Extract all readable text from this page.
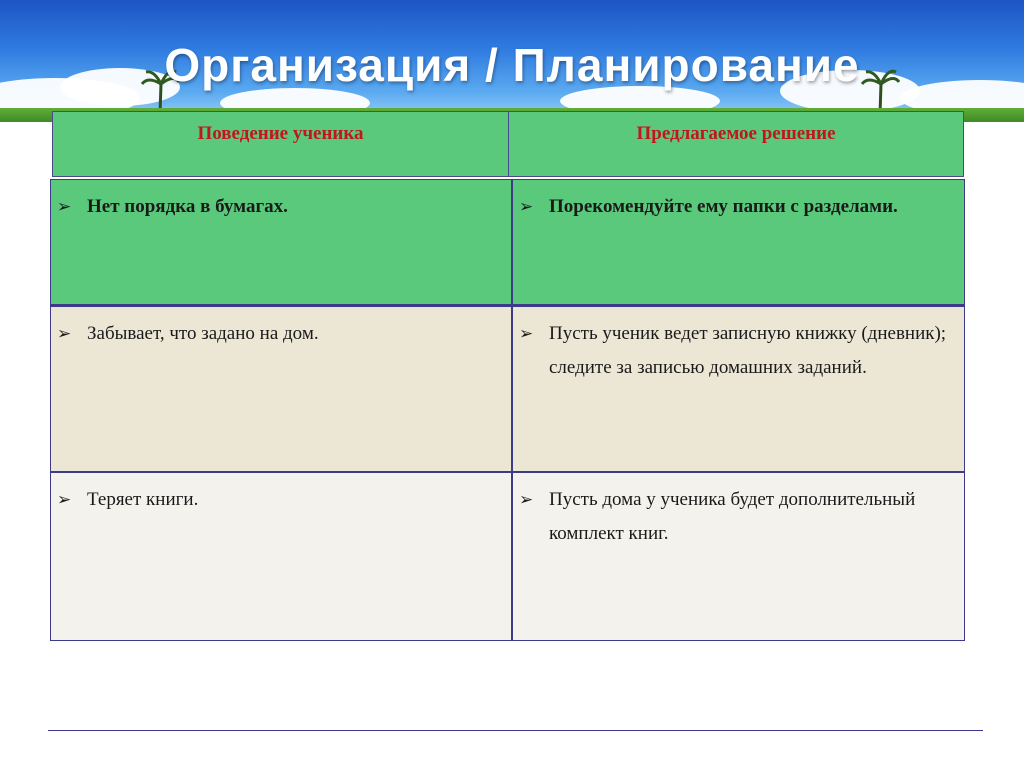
Организация / Планирование
Поведение ученика	Предлагаемое решение
➢ Нет порядка в бумагах.	➢ Порекомендуйте ему папки с разделами.
➢ Забывает, что задано на дом.	➢ Пусть ученик ведет записную книжку (дневник); следите за записью домашних заданий.
➢ Теряет книги.	➢ Пусть дома у ученика будет дополнительный комплект книг.
